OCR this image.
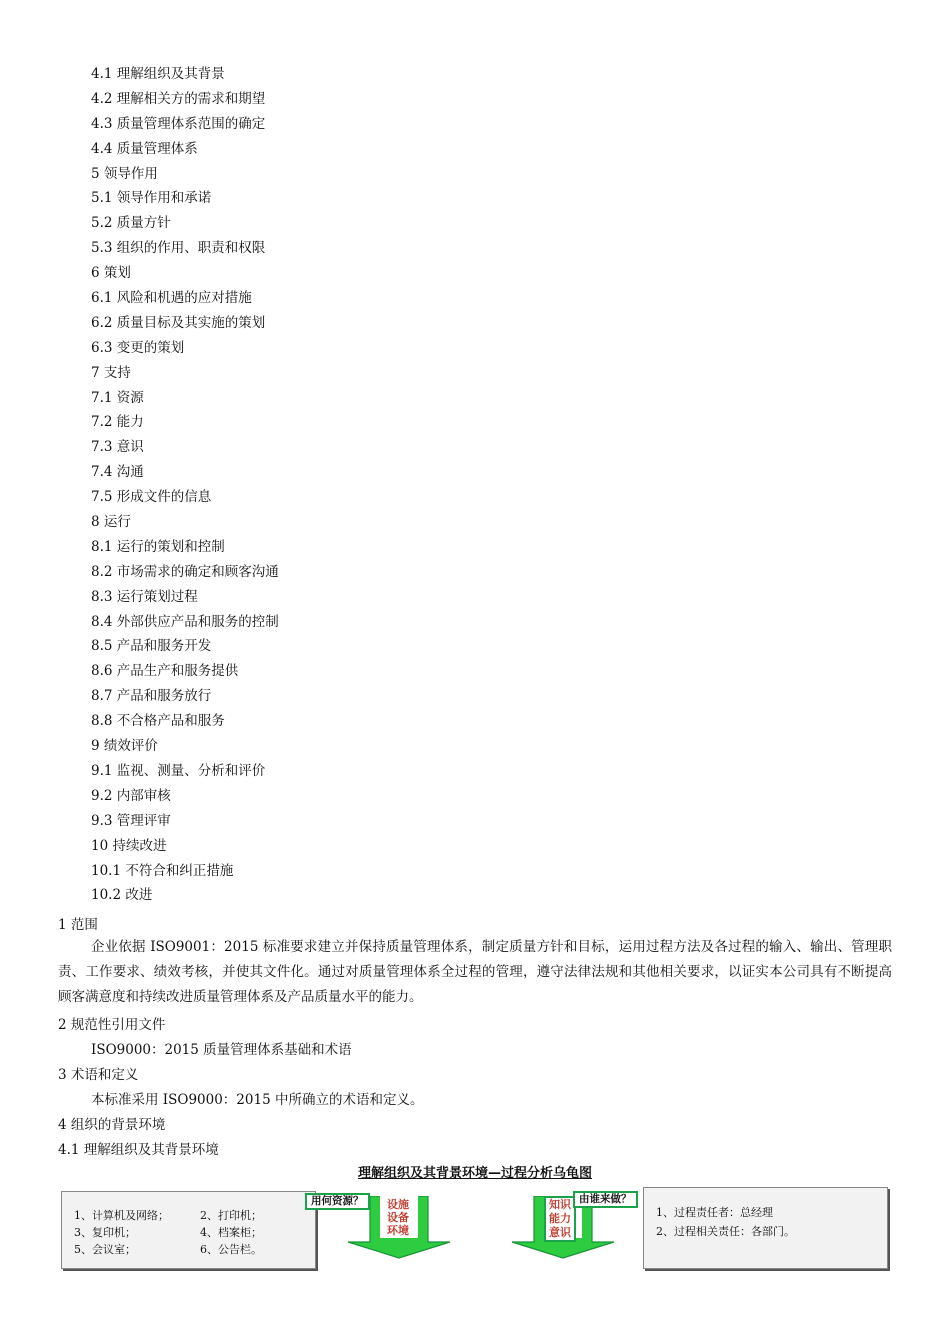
4.1 理解组织及其背景
4.2 理解相关方的需求和期望
4.3 质量管理体系范围的确定
4.4 质量管理体系
5 领导作用
5.1 领导作用和承诺
5.2 质量方针
5.3 组织的作用、职责和权限
6 策划
6.1 风险和机遇的应对措施
6.2 质量目标及其实施的策划
6.3 变更的策划
7 支持
7.1 资源
7.2 能力
7.3 意识
7.4 沟通
7.5 形成文件的信息
8 运行
8.1 运行的策划和控制
8.2 市场需求的确定和顾客沟通
8.3 运行策划过程
8.4 外部供应产品和服务的控制
8.5 产品和服务开发
8.6 产品生产和服务提供
8.7 产品和服务放行
8.8 不合格产品和服务
9 绩效评价
9.1 监视、测量、分析和评价
9.2 内部审核
9.3 管理评审
10 持续改进
10.1 不符合和纠正措施
10.2 改进
1 范围
企业依据 ISO9001：2015 标准要求建立并保持质量管理体系，制定质量方针和目标，运用过程方法及各过程的输入、输出、管理职责、工作要求、绩效考核，并使其文件化。通过对质量管理体系全过程的管理，遵守法律法规和其他相关要求，以证实本公司具有不断提高顾客满意度和持续改进质量管理体系及产品质量水平的能力。
2 规范性引用文件
ISO9000：2015 质量管理体系基础和术语
3 术语和定义
本标准采用 ISO9000：2015 中所确立的术语和定义。
4 组织的背景环境
4.1 理解组织及其背景环境
理解组织及其背景环境—过程分析乌龟图
1、计算机及网络；	2、打印机；
3、复印机；	4、档案柜；
5、会议室；	6、公告栏。
用何资源？	设施
设备
环境
知识
能力
意识
由谁来做？
1、过程责任者：总经理
2、过程相关责任：各部门。
